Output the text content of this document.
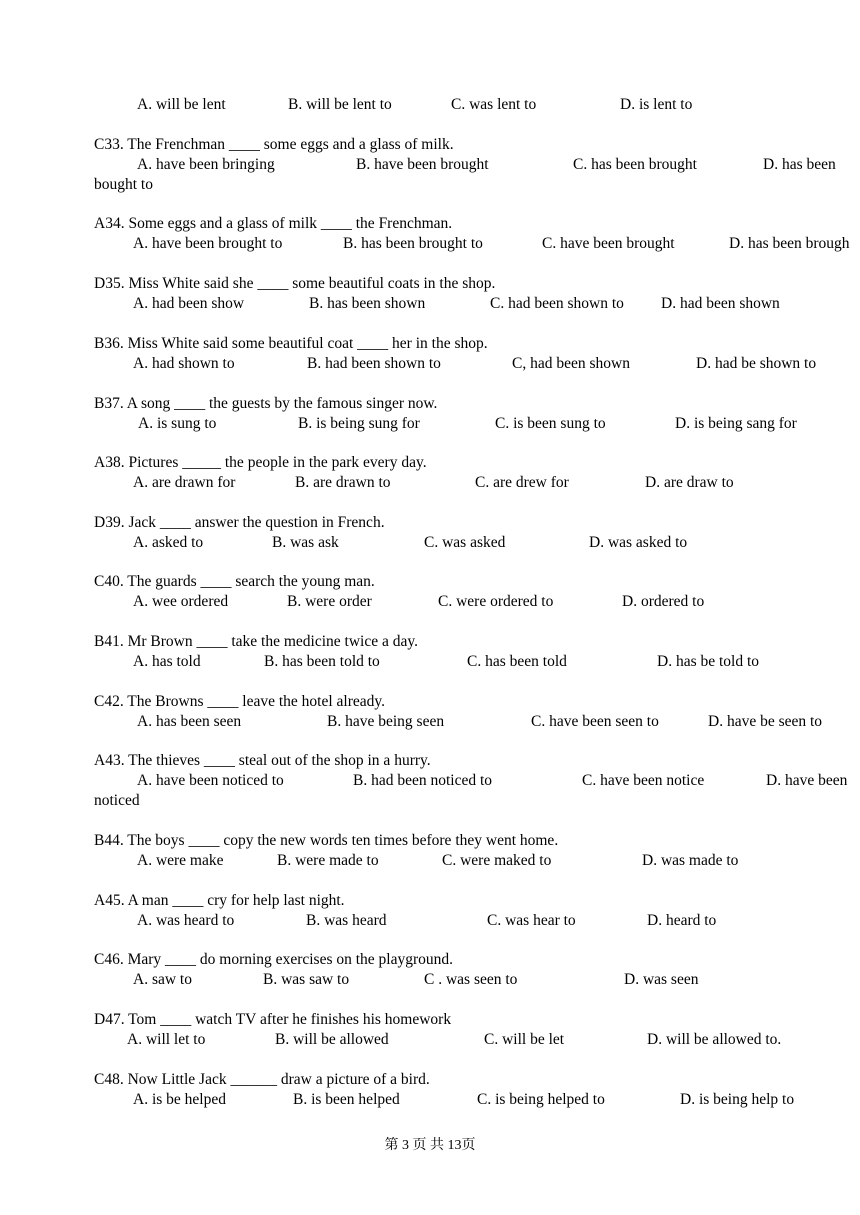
A. will be lent	B. will be lent to	C. was lent to	D. is lent to
C33. The Frenchman ____ some eggs and a glass of milk.
A. have been bringing	B. have been brought	C. has been brought	D. has been
bought to
A34. Some eggs and a glass of milk ____ the Frenchman.
A. have been brought to	B. has been brought to	C. have been brought	D. has been brough
D35. Miss White said she ____ some beautiful coats in the shop.
A. had been show	B. has been shown	C. had been shown to D. had been shown
B36. Miss White said some beautiful coat ____ her in the shop.
A. had shown to	B. had been shown to	C, had been shown	D. had be shown to
B37. A song ____ the guests by the famous singer now.
A. is sung to	B. is being sung for	C. is been sung to	D. is being sang for
A38. Pictures _____ the people in the park every day.
A. are drawn for	B. are drawn to	C. are drew for	D. are draw to
D39. Jack ____ answer the question in French.
A. asked to	B. was ask	C. was asked	D. was asked to
C40. The guards ____ search the young man.
A. wee ordered	B. were order	C. were ordered to	D. ordered to
B41. Mr Brown ____ take the medicine twice a day.
A. has told	B. has been told to	C. has been told	D. has be told to
C42. The Browns ____ leave the hotel already.
A. has been seen	B. have being seen	C. have been seen to	D. have be seen to
A43. The thieves ____ steal out of the shop in a hurry.
A. have been noticed to	B. had been noticed to	C. have been notice	D. have been
noticed
B44. The boys ____ copy the new words ten times before they went home.
A. were make	B. were made to	C. were maked to	D. was made to
A45. A man ____ cry for help last night.
A. was heard to	B. was heard	C. was hear to	D. heard to
C46. Mary ____ do morning exercises on the playground.
A. saw to	B. was saw to	C . was seen to	D. was seen
D47. Tom ____ watch TV after he finishes his homework
A. will let to	B. will be allowed	C. will be let	D. will be allowed to.
C48. Now Little Jack ______ draw a picture of a bird.
A. is be helped	B. is been helped	C. is being helped to	D. is being help to
第 3 页 共 13页
